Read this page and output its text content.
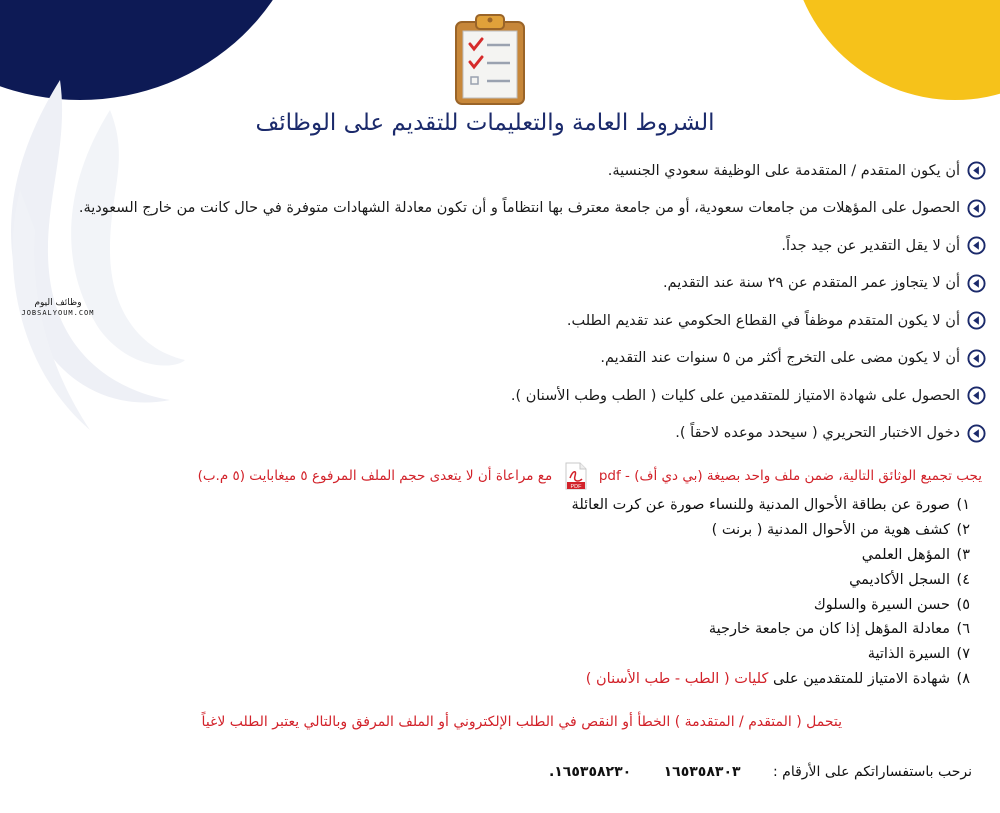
وظائف اليوم
JOBSALYOUM.COM
الشروط العامة والتعليمات للتقديم على الوظائف
أن يكون المتقدم / المتقدمة على الوظيفة سعودي الجنسية.
الحصول على المؤهلات من جامعات سعودية، أو من جامعة معترف بها انتظاماً و أن تكون معادلة الشهادات متوفرة في حال كانت من خارج السعودية.
أن لا يقل التقدير عن جيد جداً.
أن لا يتجاوز عمر المتقدم عن ٢٩ سنة عند التقديم.
أن لا يكون المتقدم موظفاً في القطاع الحكومي عند تقديم الطلب.
أن لا يكون مضى على التخرج أكثر من ٥ سنوات عند التقديم.
الحصول على شهادة الامتياز للمتقدمين على كليات ( الطب وطب الأسنان ).
دخول الاختبار التحريري ( سيحدد موعده لاحقاً ).
يجب تجميع الوثائق التالية، ضمن ملف واحد بصيغة (بي دي أف) - pdf
PDF
مع مراعاة أن لا يتعدى حجم الملف المرفوع ٥ ميغابايت (٥ م.ب)
١)
صورة عن بطاقة الأحوال المدنية وللنساء صورة عن كرت العائلة
٢)
كشف هوية من الأحوال المدنية ( برنت )
٣)
المؤهل العلمي
٤)
السجل الأكاديمي
٥)
حسن السيرة والسلوك
٦)
معادلة المؤهل إذا كان من جامعة خارجية
٧)
السيرة الذاتية
٨)
شهادة الامتياز للمتقدمين على

كليات ( الطب - طب الأسنان )
يتحمل ( المتقدم / المتقدمة ) الخطأ أو النقص في الطلب الإلكتروني أو الملف المرفق وبالتالي يعتبر الطلب لاغياً
نرحب باستفساراتكم على الأرقام : ١٦٥٣٥٨٣٠٣ ١٦٥٣٥٨٢٣٠.
